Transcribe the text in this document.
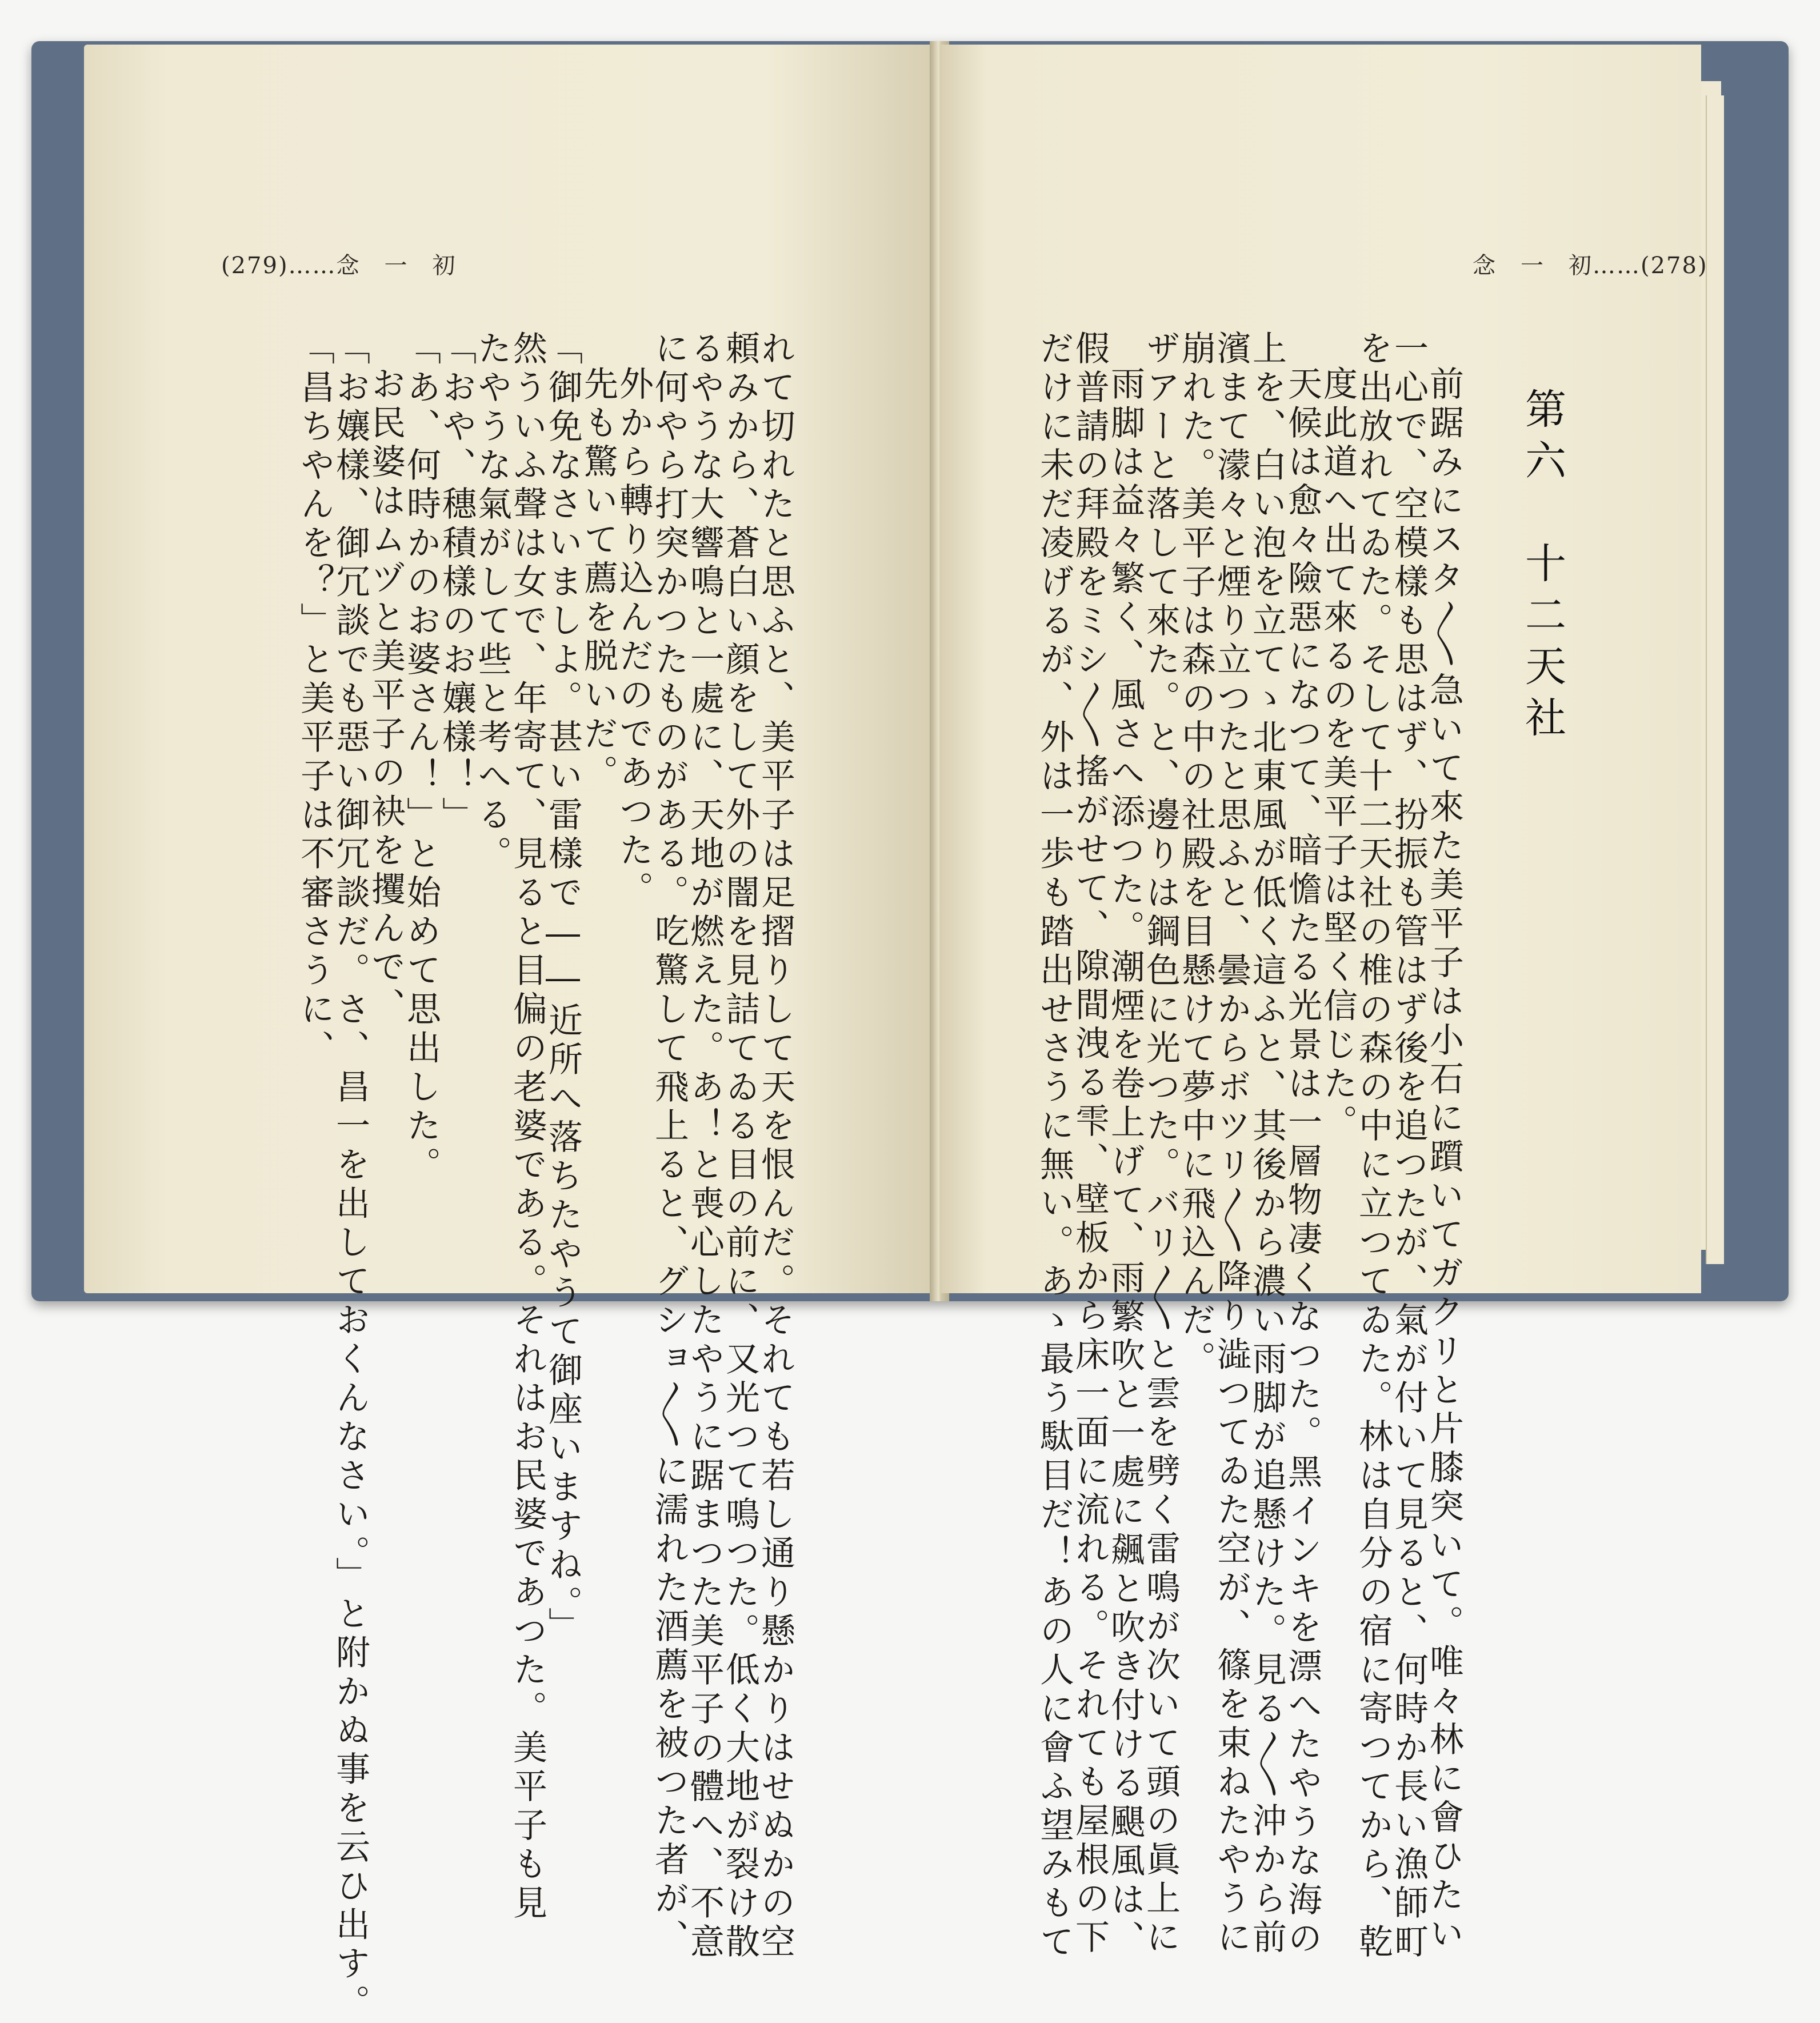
(279)……念　一　初
れて切れたと思ふと、美平子は足摺りして天を恨んだ。それても若し通り懸かりはせぬかの空
頼みから、蒼白い顔をして外の闇を見詰てゐる目の前に、又光つて鳴つた。低く大地が裂け散
るやうな大響鳴と一處に、天地が燃えた。あ！と喪心したやうに踞まつた美平子の體へ、不意
に何やら打突かつたものがある。吃驚して飛上ると、グショ〱に濡れた酒薦を被つた者が、
外から轉り込んだのであつた。
先も驚いて薦を脱いだ。
「御免なさいましよ。甚い雷樣で――近所へ落ちたやうて御座いますね。」
然ういふ聲は女で、年寄て、見ると目偏の老婆である。それはお民婆であつた。美平子も見
たやうな氣がして些と考へる。
「おや、穗積樣のお孃樣！」
「あ、何時かのお婆さん！」と始めて思出した。
お民婆はムヅと美平子の袂を攫んで、
「お孃樣、御冗談でも惡い御冗談だ。さ、昌一を出しておくんなさい。」と附かぬ事を云ひ出す。
「昌ちやんを？」と美平子は不審さうに、
念　一　初……(278)
第六　十二天社
前踞みにスタ〱急いて來た美平子は小石に躓いてガクリと片膝突いて。唯々林に會ひたい
一心で、空模樣も思はず、扮振も管はず後を追つたが、氣が付いて見ると、何時か長い漁師町
を出放れてゐた。そして十二天社の椎の森の中に立つてゐた。林は自分の宿に寄つてから、乾
度此道へ出て來るのを美平子は堅く信じた。
天候は愈々險惡になつて、暗憺たる光景は一層物凄くなつた。黑インキを漂へたやうな海の
上を、白い泡を立てゝ北東風が低く這ふと、其後から濃い雨脚が追懸けた。見る〱沖から前
濱まて濛々と煙り立つたと思ふと、曇からボツリ〱降り澁つてゐた空が、篠を束ねたやうに
崩れた。美平子は森の中の社殿を目懸けて夢中に飛込んだ。
ザアーと落して來た。と、邊りは鋼色に光つた。バリ〱と雲を劈く雷鳴が次いて頭の眞上に
雨脚は益々繁く、風さへ添つた。潮煙を卷上げて、雨繁吹と一處に飆と吹き付ける颶風は、
假普請の拜殿をミシ〱搖がせて、隙間洩る雫、壁板から床一面に流れる。それても屋根の下
だけに未だ凌げるが、外は一歩も踏出せさうに無い。あゝ最う駄目だ！あの人に會ふ望みもて
